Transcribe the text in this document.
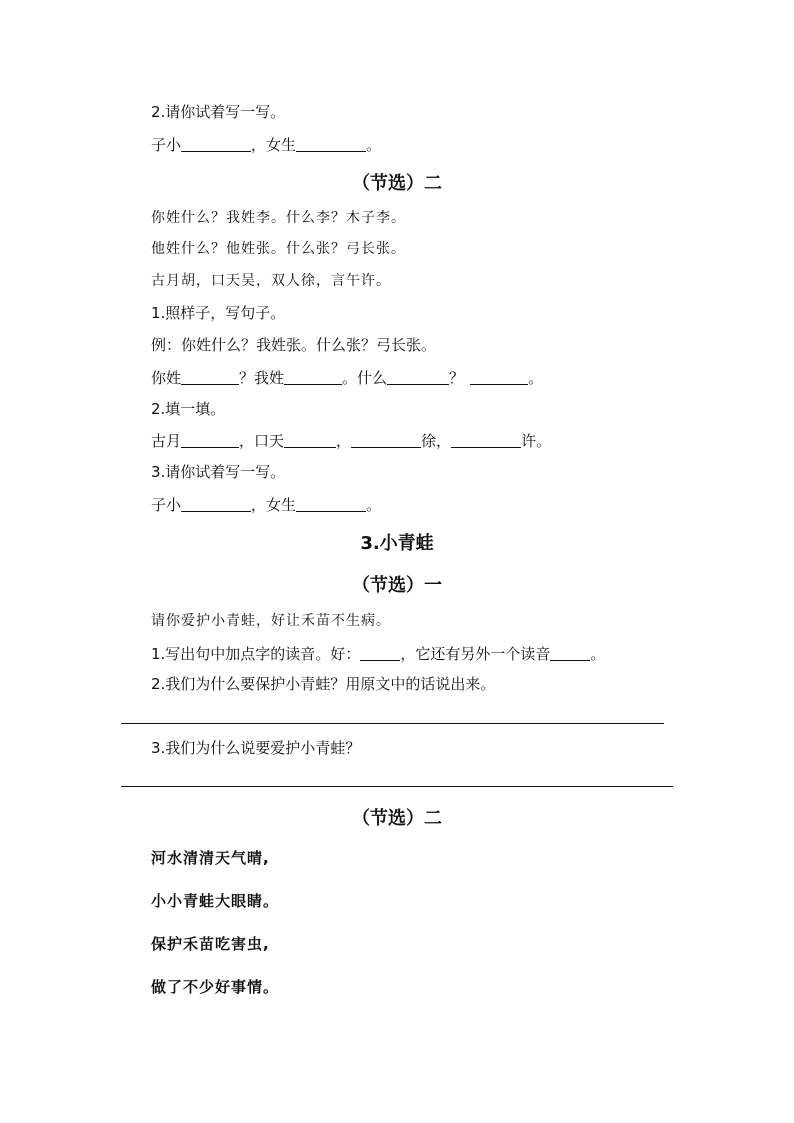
2.请你试着写一写。
子小	，女生	。
（节选）二
你姓什么？我姓李。什么李？木子李。
他姓什么？他姓张。什么张？弓长张。
古月胡，口天吴，双人徐，言午许。
1.照样子，写句子。
例：你姓什么？我姓张。什么张？弓长张。
你姓	？我姓	。什么	？	。
2.填一填。
古月	，口天	，	徐，	许。
3.请你试着写一写。
子小	，女生	。
3.小青蛙
（节选）一
请你爱护小青蛙，好让禾苗不生病。
1.写出句中加点字的读音。好：	，它还有另外一个读音	。
2.我们为什么要保护小青蛙？用原文中的话说出来。
3.我们为什么说要爱护小青蛙？
（节选）二
河水清清天气晴,
小小青蛙大眼睛。
保护禾苗吃害虫,
做了不少好事情。
